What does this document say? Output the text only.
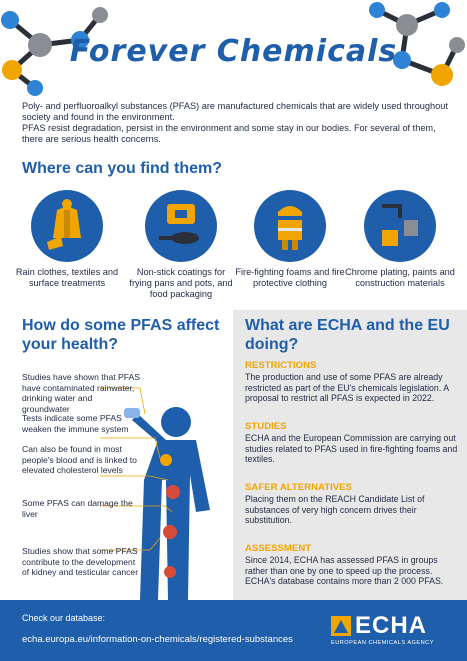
Forever Chemicals

Poly- and perfluoroalkyl substances (PFAS) are manufactured chemicals that are widely used throughout society and found in the environment.

PFAS resist degradation, persist in the environment and some stay in our bodies. For several of them, there are serious health concerns.

Where can you find them?

Rain clothes, textiles and surface treatments

Non-stick coatings for frying pans and pots, and food packaging

Fire-fighting foams and fire protective clothing

Chrome plating, paints and construction materials

How do some PFAS affect your health?

Studies have shown that PFAS have contaminated rainwater, drinking water and groundwater

Tests indicate some PFAS weaken the immune system

Can also be found in most people's blood and is linked to elevated cholesterol levels

Some PFAS can damage the liver

Studies show that some PFAS contribute to the development of kidney and testicular cancer

What are ECHA and the EU doing?
RESTRICTIONS

The production and use of some PFAS are already restricted as part of the EU's chemicals legislation. A proposal to restrict all PFAS is expected in 2022.

STUDIES

ECHA and the European Commission are carrying out studies related to PFAS used in fire-fighting foams and textiles.

SAFER ALTERNATIVES

Placing them on the REACH Candidate List of substances of very high concern drives their substitution.

ASSESSMENT

Since 2014, ECHA has assessed PFAS in groups rather than one by one to speed up the process. ECHA's database contains more than 2 000 PFAS.

Check our database:
echa.europa.eu/information-on-chemicals/registered-substances
ECHA
EUROPEAN CHEMICALS AGENCY
